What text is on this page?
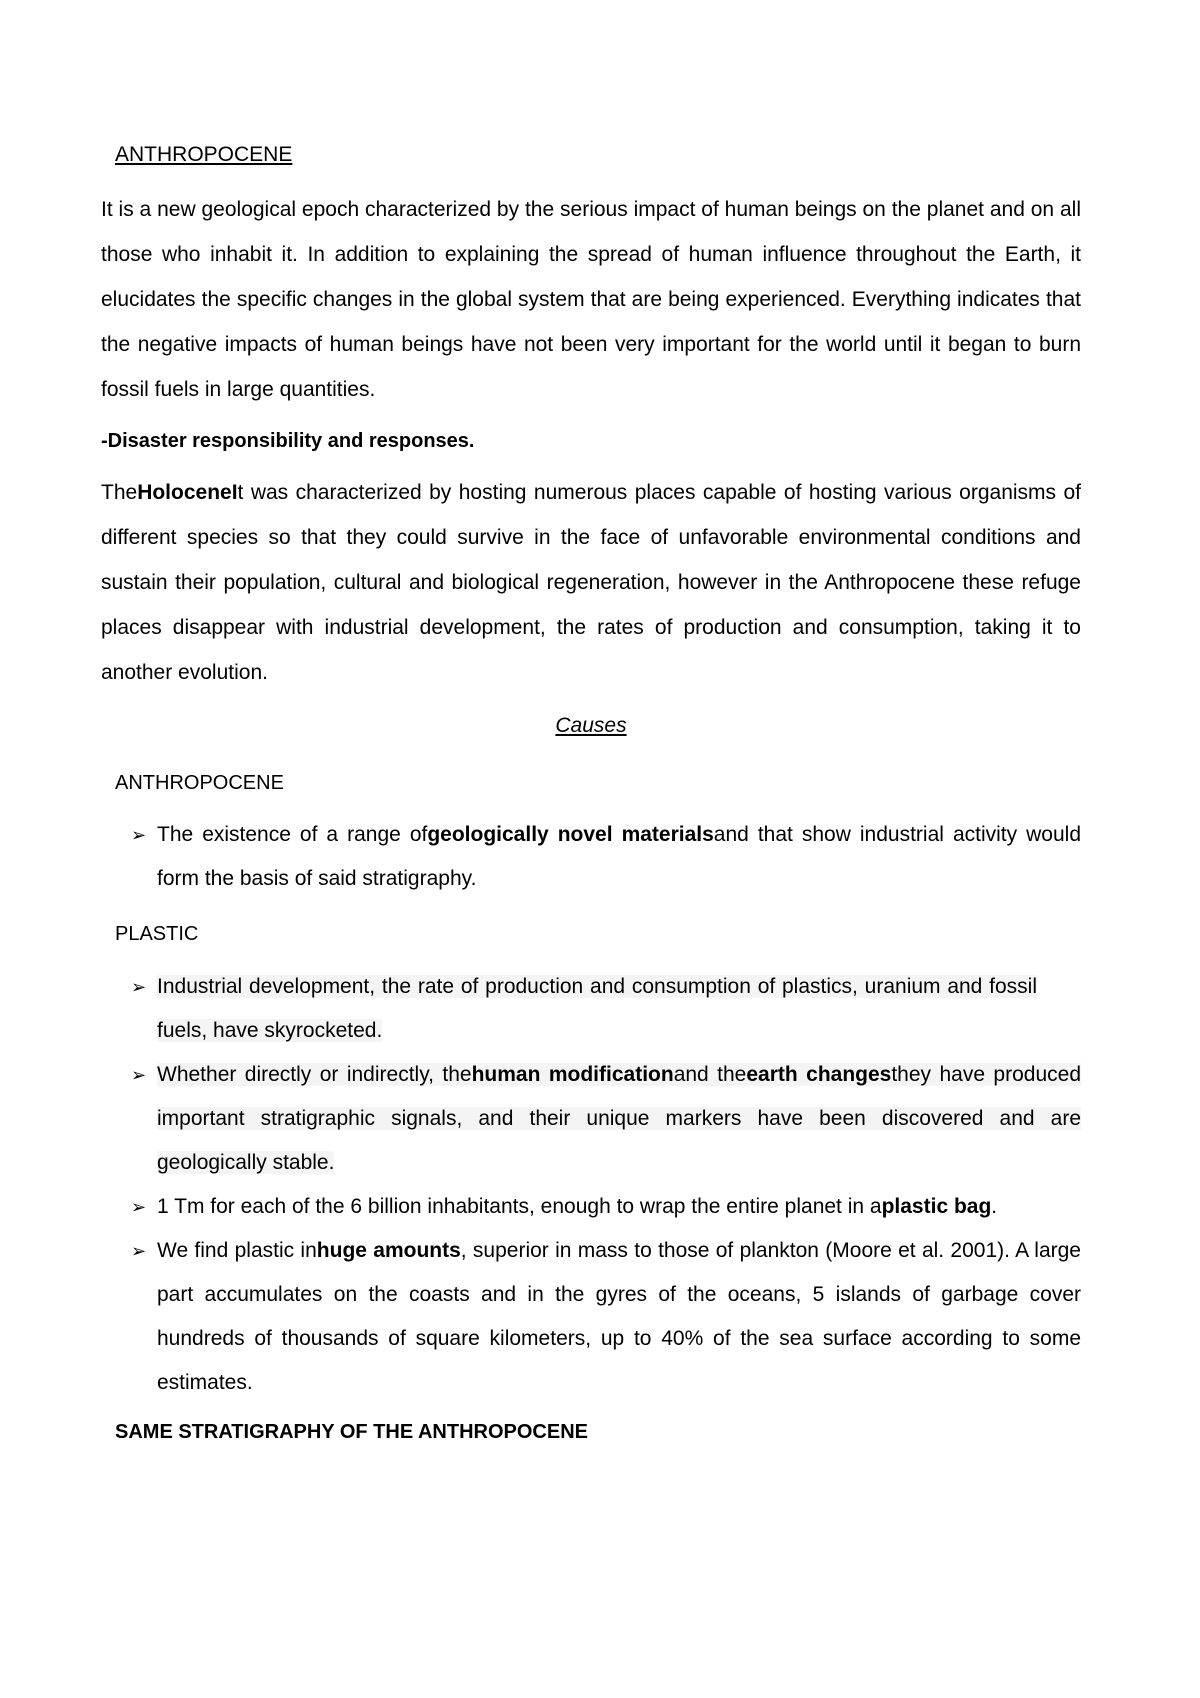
ANTHROPOCENE

It is a new geological epoch characterized by the serious impact of human beings on the planet and on all those who inhabit it. In addition to explaining the spread of human influence throughout the Earth, it elucidates the specific changes in the global system that are being experienced. Everything indicates that the negative impacts of human beings have not been very important for the world until it began to burn fossil fuels in large quantities.

-Disaster responsibility and responses.

TheHoloceneIt was characterized by hosting numerous places capable of hosting various organisms of different species so that they could survive in the face of unfavorable environmental conditions and sustain their population, cultural and biological regeneration, however in the Anthropocene these refuge places disappear with industrial development, the rates of production and consumption, taking it to another evolution.

Causes

ANTHROPOCENE

➢ The existence of a range ofgeologically novel materialsand that show industrial activity would form the basis of said stratigraphy.

PLASTIC

➢ Industrial development, the rate of production and consumption of plastics, uranium and fossil fuels, have skyrocketed.
➢ Whether directly or indirectly, thehuman modificationand theearth changesthey have produced important stratigraphic signals, and their unique markers have been discovered and are geologically stable.
➢ 1 Tm for each of the 6 billion inhabitants, enough to wrap the entire planet in aplastic bag.
➢ We find plastic inhuge amounts, superior in mass to those of plankton (Moore et al. 2001). A large part accumulates on the coasts and in the gyres of the oceans, 5 islands of garbage cover hundreds of thousands of square kilometers, up to 40% of the sea surface according to some estimates.

SAME STRATIGRAPHY OF THE ANTHROPOCENE
